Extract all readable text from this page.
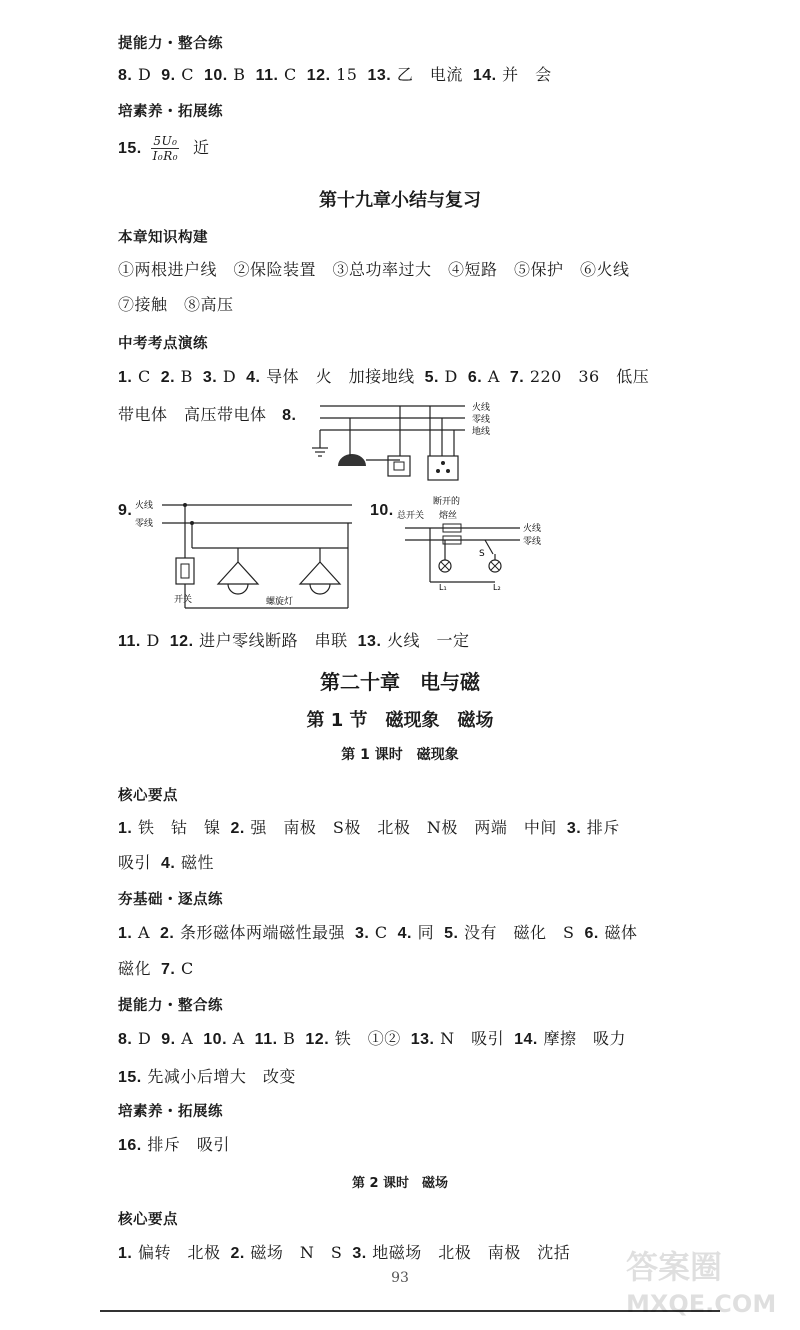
提能力・整合练
8. D 9. C 10. B 11. C 12. 15 13. 乙　电流 14. 并　会
培素养・拓展练
15. $\frac{\text{5U₀}}{\text{I₀R₀}}$ 近
第十九章小结与复习
本章知识构建
①两根进户线　②保险装置　③总功率过大　④短路　⑤保护　⑥火线
⑦接触　⑧高压
中考考点演练
1. C 2. B 3. D 4. 导体　火　加接地线 5. D 6. A 7. 220　36　低压
带电体　高压带电体 8.	火线
零线
地线
9. 火线
零线
开关	螺旋灯
10.	断开的
总开关 熔丝
火线
零线
L₁	L₂
S
11. D 12. 进户零线断路　串联 13. 火线　一定
第二十章　电与磁
第 1 节　磁现象　磁场
第 1 课时　磁现象
核心要点
1. 铁　钴　镍 2. 强　南极　S极　北极　N极　两端　中间 3. 排斥
吸引 4. 磁性
夯基础・逐点练
1. A 2. 条形磁体两端磁性最强 3. C 4. 同 5. 没有　磁化　S 6. 磁体
磁化 7. C
提能力・整合练
8. D 9. A 10. A 11. B 12. 铁　①② 13. N　吸引 14. 摩擦　吸力
15. 先减小后增大　改变
培素养・拓展练
16. 排斥　吸引
第 2 课时　磁场
核心要点
1. 偏转　北极 2. 磁场　N　S 3. 地磁场　北极　南极　沈括
93	答案圈
MXQE.COM
